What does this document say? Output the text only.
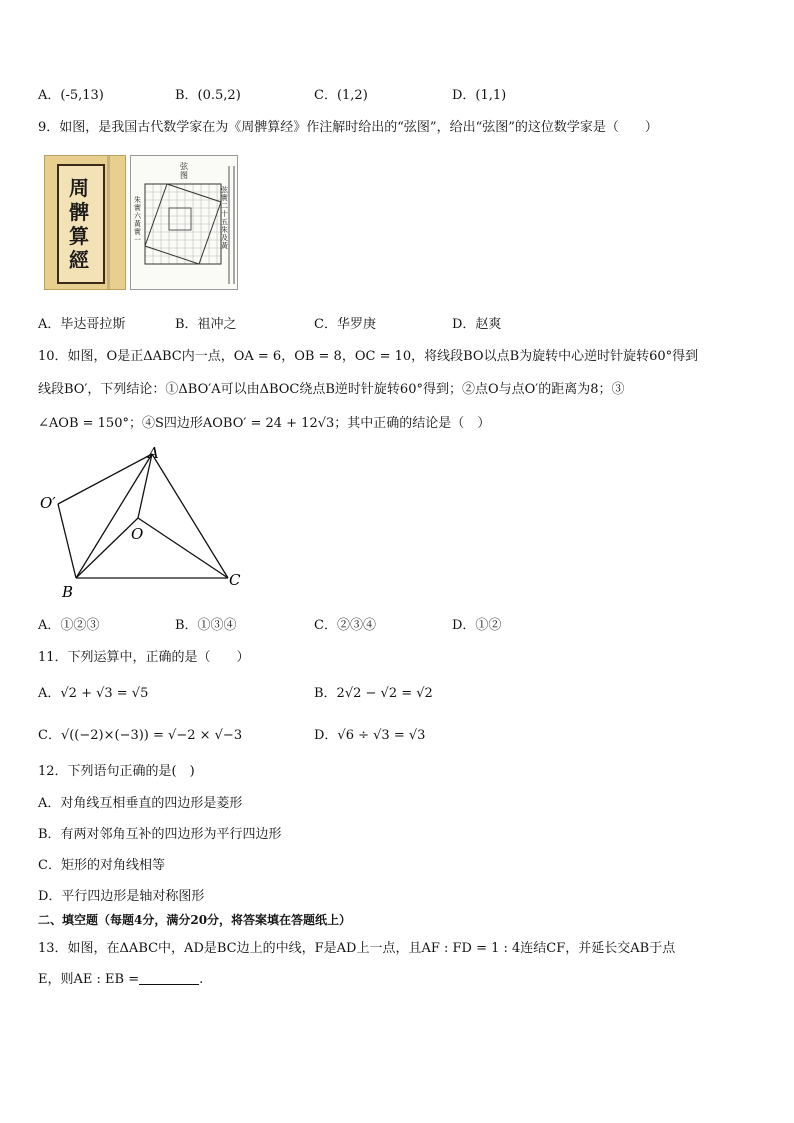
A．(-5,13)	B．(0.5,2)	C．(1,2)	D．(1,1)
9．如图，是我国古代数学家在为《周髀算经》作注解时给出的“弦图”，给出“弦图”的这位数学家是（　　）
周
髀
算
經
弦图
朱實六黃實一
弦實二十五朱及黃
A．毕达哥拉斯	B．祖冲之	C．华罗庚	D．赵爽
10．如图，O是正ΔABC内一点，OA = 6，OB = 8，OC = 10，将线段BO以点B为旋转中心逆时针旋转60°得到
线段BO′，下列结论：①ΔBO′A可以由ΔBOC绕点B逆时针旋转60°得到；②点O与点O′的距离为8；③
∠AOB = 150°；④S四边形AOBO′ = 24 + 12√3；其中正确的结论是（　）
A
O′
O
B
C
A．①②③	B．①③④	C．②③④	D．①②
11．下列运算中，正确的是（　　）
A．√2 + √3 = √5	B．2√2 − √2 = √2
C．√((−2)×(−3)) = √−2 × √−3	D．√6 ÷ √3 = √3
12．下列语句正确的是(　)
A．对角线互相垂直的四边形是菱形
B．有两对邻角互补的四边形为平行四边形
C．矩形的对角线相等
D．平行四边形是轴对称图形
二、填空题（每题4分，满分20分，将答案填在答题纸上）
13．如图，在ΔABC中，AD是BC边上的中线，F是AD上一点，且AF : FD = 1 : 4连结CF，并延长交AB于点
E，则AE : EB =	.
